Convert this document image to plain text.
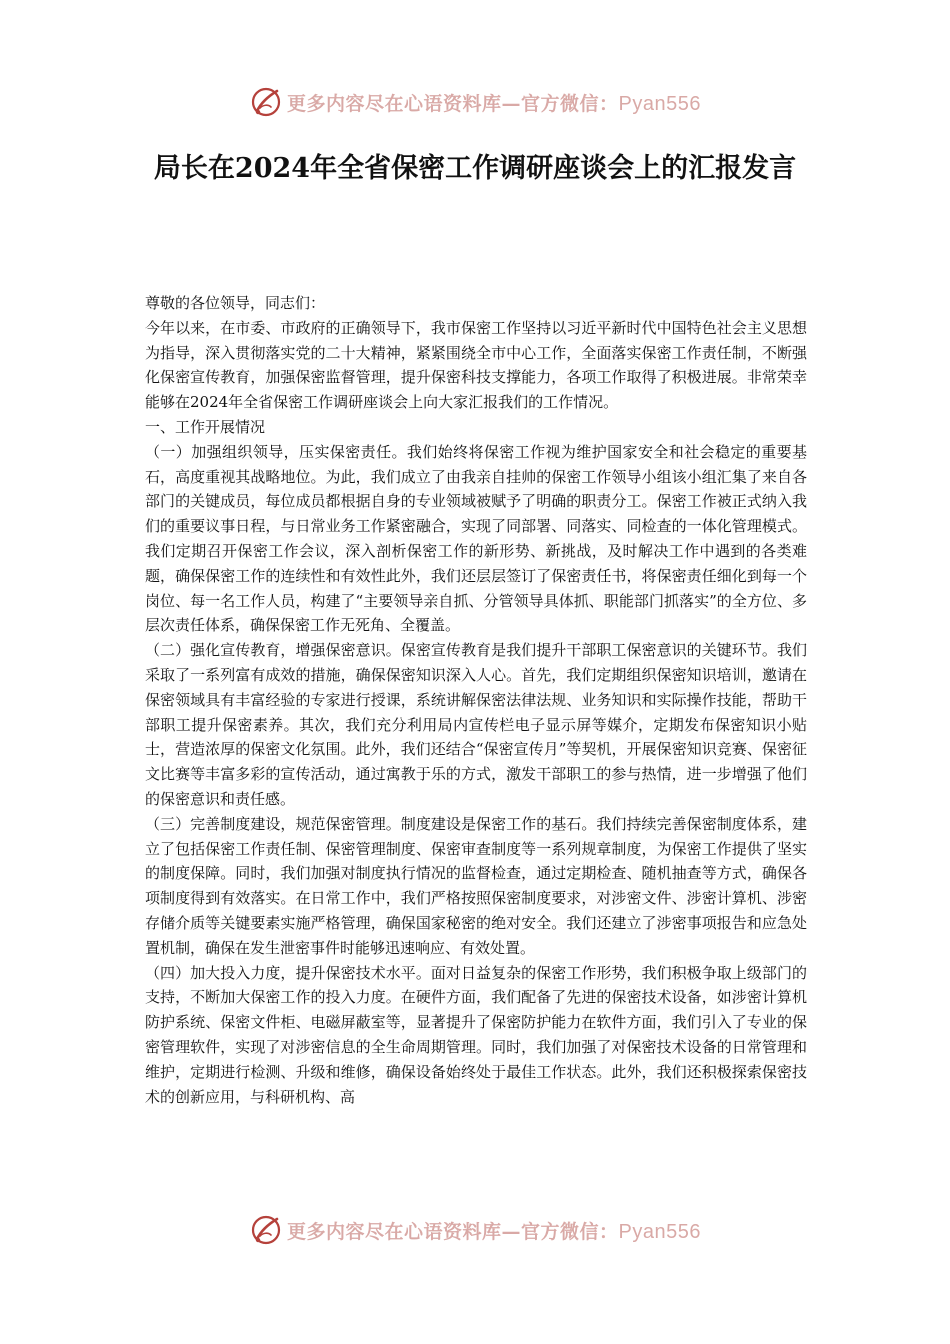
更多内容尽在心语资料库—官方微信：Pyan556
局长在2024年全省保密工作调研座谈会上的汇报发言

尊敬的各位领导，同志们：

今年以来，在市委、市政府的正确领导下，我市保密工作坚持以习近平新时代中国特色社会主义思想为指导，深入贯彻落实党的二十大精神，紧紧围绕全市中心工作，全面落实保密工作责任制，不断强化保密宣传教育，加强保密监督管理，提升保密科技支撑能力，各项工作取得了积极进展。非常荣幸能够在2024年全省保密工作调研座谈会上向大家汇报我们的工作情况。

一、工作开展情况

（一）加强组织领导，压实保密责任。我们始终将保密工作视为维护国家安全和社会稳定的重要基石，高度重视其战略地位。为此，我们成立了由我亲自挂帅的保密工作领导小组该小组汇集了来自各部门的关键成员，每位成员都根据自身的专业领域被赋予了明确的职责分工。保密工作被正式纳入我们的重要议事日程，与日常业务工作紧密融合，实现了同部署、同落实、同检查的一体化管理模式。我们定期召开保密工作会议，深入剖析保密工作的新形势、新挑战，及时解决工作中遇到的各类难题，确保保密工作的连续性和有效性此外，我们还层层签订了保密责任书，将保密责任细化到每一个岗位、每一名工作人员，构建了“主要领导亲自抓、分管领导具体抓、职能部门抓落实”的全方位、多层次责任体系，确保保密工作无死角、全覆盖。

（二）强化宣传教育，增强保密意识。保密宣传教育是我们提升干部职工保密意识的关键环节。我们采取了一系列富有成效的措施，确保保密知识深入人心。首先，我们定期组织保密知识培训，邀请在保密领域具有丰富经验的专家进行授课，系统讲解保密法律法规、业务知识和实际操作技能，帮助干部职工提升保密素养。其次，我们充分利用局内宣传栏电子显示屏等媒介，定期发布保密知识小贴士，营造浓厚的保密文化氛围。此外，我们还结合“保密宣传月”等契机，开展保密知识竞赛、保密征文比赛等丰富多彩的宣传活动，通过寓教于乐的方式，激发干部职工的参与热情，进一步增强了他们的保密意识和责任感。

（三）完善制度建设，规范保密管理。制度建设是保密工作的基石。我们持续完善保密制度体系，建立了包括保密工作责任制、保密管理制度、保密审查制度等一系列规章制度，为保密工作提供了坚实的制度保障。同时，我们加强对制度执行情况的监督检查，通过定期检查、随机抽查等方式，确保各项制度得到有效落实。在日常工作中，我们严格按照保密制度要求，对涉密文件、涉密计算机、涉密存储介质等关键要素实施严格管理，确保国家秘密的绝对安全。我们还建立了涉密事项报告和应急处置机制，确保在发生泄密事件时能够迅速响应、有效处置。

（四）加大投入力度，提升保密技术水平。面对日益复杂的保密工作形势，我们积极争取上级部门的支持，不断加大保密工作的投入力度。在硬件方面，我们配备了先进的保密技术设备，如涉密计算机防护系统、保密文件柜、电磁屏蔽室等，显著提升了保密防护能力在软件方面，我们引入了专业的保密管理软件，实现了对涉密信息的全生命周期管理。同时，我们加强了对保密技术设备的日常管理和维护，定期进行检测、升级和维修，确保设备始终处于最佳工作状态。此外，我们还积极探索保密技术的创新应用，与科研机构、高

更多内容尽在心语资料库—官方微信：Pyan556
